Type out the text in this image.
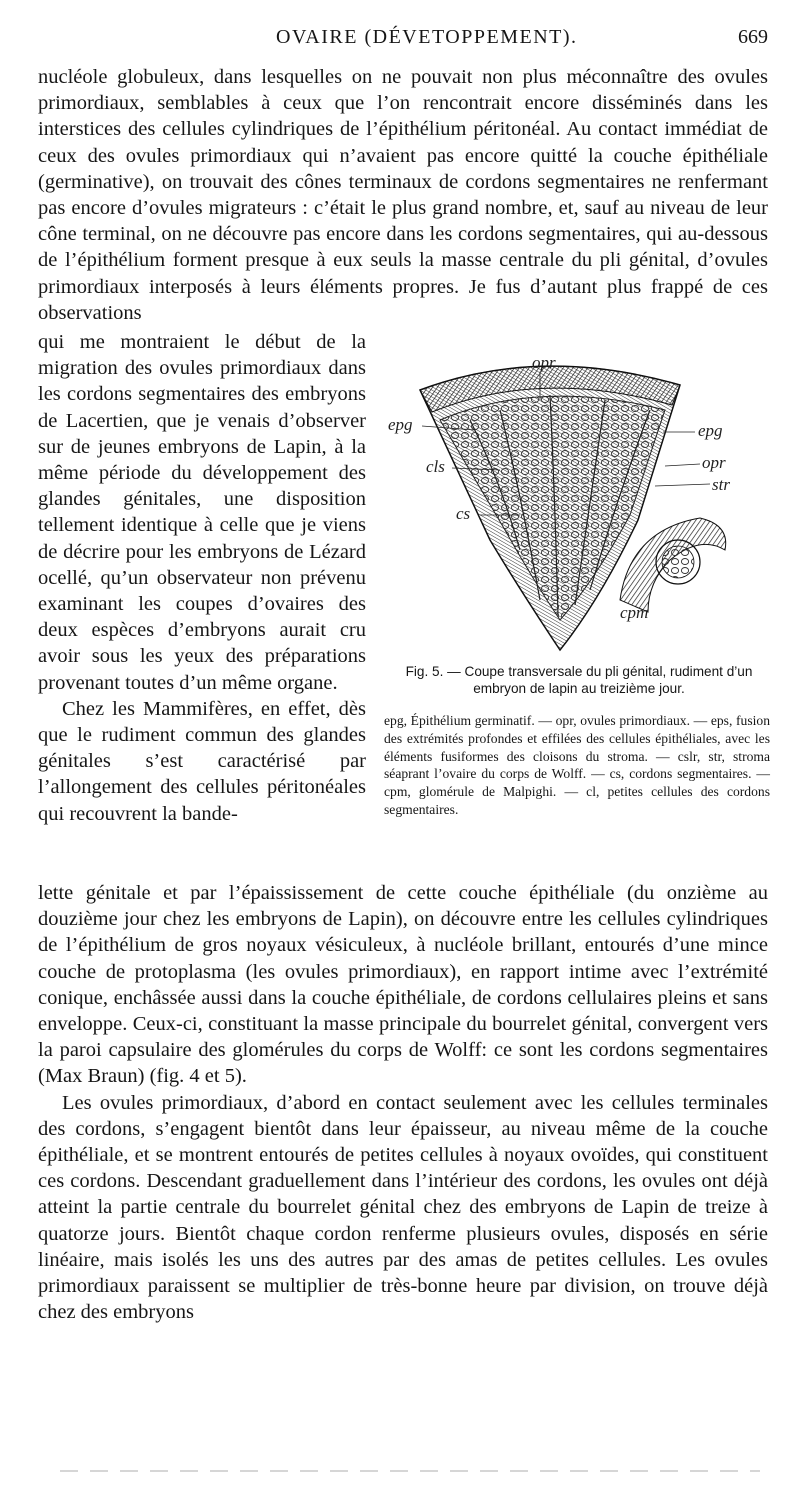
OVAIRE (DÉVETOPPEMENT).	669

nucléole globuleux, dans lesquelles on ne pouvait non plus méconnaître des ovules primordiaux, semblables à ceux que l’on rencontrait encore disséminés dans les interstices des cellules cylindriques de l’épithélium péritonéal. Au contact immédiat de ceux des ovules primordiaux qui n’avaient pas encore quitté la couche épithéliale (germinative), on trouvait des cônes terminaux de cordons segmentaires ne renfermant pas encore d’ovules migrateurs : c’était le plus grand nombre, et, sauf au niveau de leur cône terminal, on ne découvre pas encore dans les cordons segmentaires, qui au-dessous de l’épithélium forment presque à eux seuls la masse centrale du pli génital, d’ovules primordiaux interposés à leurs éléments propres. Je fus d’autant plus frappé de ces observations

qui me montraient le début de la migration des ovules primordiaux dans les cordons segmentaires des embryons de Lacertien, que je venais d’observer sur de jeunes embryons de Lapin, à la même période du développement des glandes génitales, une disposition tellement identique à celle que je viens de décrire pour les embryons de Lézard ocellé, qu’un observateur non prévenu examinant les coupes d’ovaires des deux espèces d’embryons aurait cru avoir sous les yeux des préparations provenant toutes d’un même organe.

Chez les Mammifères, en effet, dès que le rudiment commun des glandes génitales s’est caractérisé par l’allongement des cellules péritonéales qui recouvrent la bande-

opr
epg	epg
cls	opr
str
cs
cpm
Fig. 5. — Coupe transversale du pli génital, rudiment d’un embryon de lapin au treizième jour.

epg, Épithélium germinatif. — opr, ovules primordiaux. — eps, fusion des extrémités profondes et effilées des cellules épithéliales, avec les éléments fusiformes des cloisons du stroma. — cslr, str, stroma séaprant l’ovaire du corps de Wolff. — cs, cordons segmentaires. — cpm, glomérule de Malpighi. — cl, petites cellules des cordons segmentaires.

lette génitale et par l’épaississement de cette couche épithéliale (du onzième au douzième jour chez les embryons de Lapin), on découvre entre les cellules cylindriques de l’épithélium de gros noyaux vésiculeux, à nucléole brillant, entourés d’une mince couche de protoplasma (les ovules primordiaux), en rapport intime avec l’extrémité conique, enchâssée aussi dans la couche épithéliale, de cordons cellulaires pleins et sans enveloppe. Ceux-ci, constituant la masse principale du bourrelet génital, convergent vers la paroi capsulaire des glomérules du corps de Wolff: ce sont les cordons segmentaires (Max Braun) (fig. 4 et 5).

Les ovules primordiaux, d’abord en contact seulement avec les cellules terminales des cordons, s’engagent bientôt dans leur épaisseur, au niveau même de la couche épithéliale, et se montrent entourés de petites cellules à noyaux ovoïdes, qui constituent ces cordons. Descendant graduellement dans l’intérieur des cordons, les ovules ont déjà atteint la partie centrale du bourrelet génital chez des embryons de Lapin de treize à quatorze jours. Bientôt chaque cordon renferme plusieurs ovules, disposés en série linéaire, mais isolés les uns des autres par des amas de petites cellules. Les ovules primordiaux paraissent se multiplier de très-bonne heure par division, on trouve déjà chez des embryons
